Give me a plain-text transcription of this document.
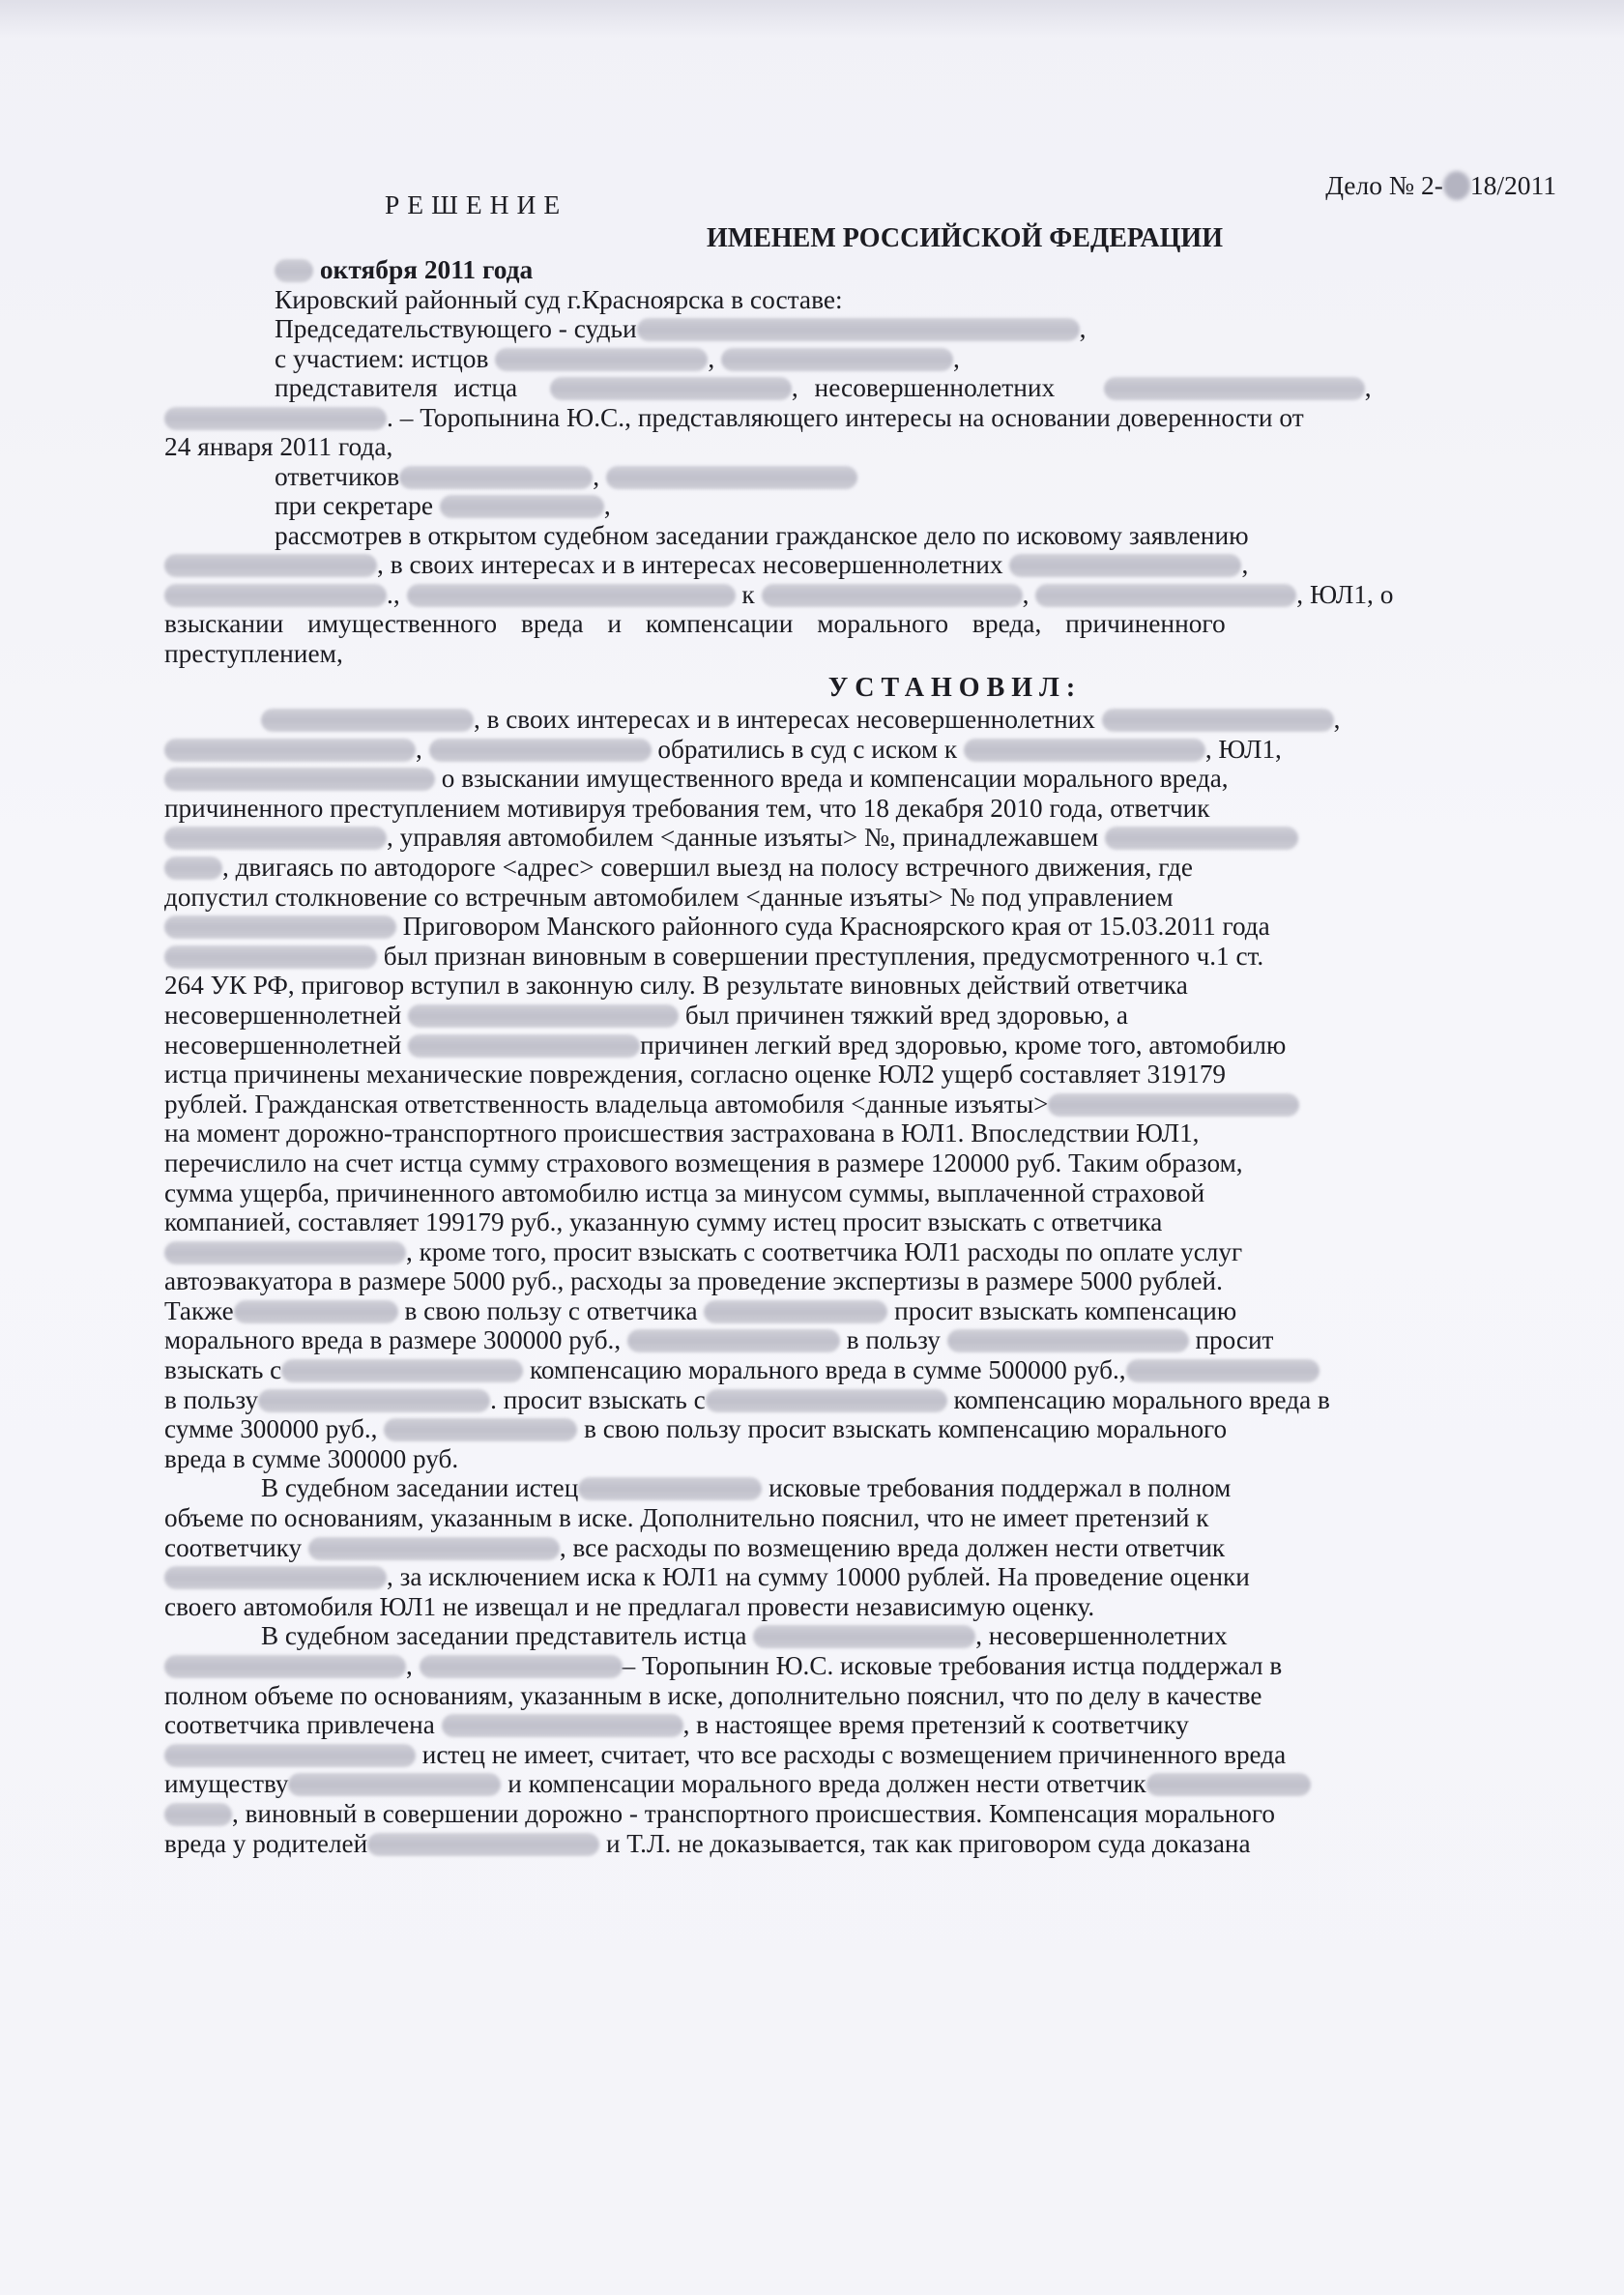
Дело № 2- 18/2011
РЕШЕНИЕ
ИМЕНЕМ РОССИЙСКОЙ ФЕДЕРАЦИИ
октября 2011 года
Кировский районный суд г.Красноярска в составе:
Председательствующего - судьи	,
с участием: истцов	,	,
представителя истца	, несовершеннолетних	,
. – Торопынина Ю.С., представляющего интересы на основании доверенности от
24 января 2011 года,
ответчиков	,
при секретаре	,
рассмотрев в открытом судебном заседании гражданское дело по исковому заявлению
, в своих интересах и в интересах несовершеннолетних	,
.,	к	,	, ЮЛ1, о
взыскании имущественного вреда и компенсации морального вреда, причиненного
преступлением,
УСТАНОВИЛ:
, в своих интересах и в интересах несовершеннолетних	,
,	обратились в суд с иском к	, ЮЛ1,
о взыскании имущественного вреда и компенсации морального вреда,
причиненного преступлением мотивируя требования тем, что 18 декабря 2010 года, ответчик
, управляя автомобилем <данные изъяты> №, принадлежавшем
, двигаясь по автодороге <адрес> совершил выезд на полосу встречного движения, где
допустил столкновение со встречным автомобилем <данные изъяты> № под управлением
Приговором Манского районного суда Красноярского края от 15.03.2011 года
был признан виновным в совершении преступления, предусмотренного ч.1 ст.
264 УК РФ, приговор вступил в законную силу. В результате виновных действий ответчика
несовершеннолетней	был причинен тяжкий вред здоровью, а
несовершеннолетней	причинен легкий вред здоровью, кроме того, автомобилю
истца причинены механические повреждения, согласно оценке ЮЛ2 ущерб составляет 319179
рублей. Гражданская ответственность владельца автомобиля <данные изъяты>
на момент дорожно-транспортного происшествия застрахована в ЮЛ1. Впоследствии ЮЛ1,
перечислило на счет истца сумму страхового возмещения в размере 120000 руб. Таким образом,
сумма ущерба, причиненного автомобилю истца за минусом суммы, выплаченной страховой
компанией, составляет 199179 руб., указанную сумму истец просит взыскать с ответчика
, кроме того, просит взыскать с соответчика ЮЛ1 расходы по оплате услуг
автоэвакуатора в размере 5000 руб., расходы за проведение экспертизы в размере 5000 рублей.
Также	в свою пользу с ответчика	просит взыскать компенсацию
морального вреда в размере 300000 руб.,	в пользу	просит
взыскать с	компенсацию морального вреда в сумме 500000 руб.,
в пользу	. просит взыскать с	компенсацию морального вреда в
сумме 300000 руб.,	в свою пользу просит взыскать компенсацию морального
вреда в сумме 300000 руб.
В судебном заседании истец	исковые требования поддержал в полном
объеме по основаниям, указанным в иске. Дополнительно пояснил, что не имеет претензий к
соответчику	, все расходы по возмещению вреда должен нести ответчик
, за исключением иска к ЮЛ1 на сумму 10000 рублей. На проведение оценки
своего автомобиля ЮЛ1 не извещал и не предлагал провести независимую оценку.
В судебном заседании представитель истца	, несовершеннолетних
,	– Торопынин Ю.С. исковые требования истца поддержал в
полном объеме по основаниям, указанным в иске, дополнительно пояснил, что по делу в качестве
соответчика привлечена	, в настоящее время претензий к соответчику
истец не имеет, считает, что все расходы с возмещением причиненного вреда
имуществу	и компенсации морального вреда должен нести ответчик
, виновный в совершении дорожно - транспортного происшествия. Компенсация морального
вреда у родителей	и Т.Л. не доказывается, так как приговором суда доказана
